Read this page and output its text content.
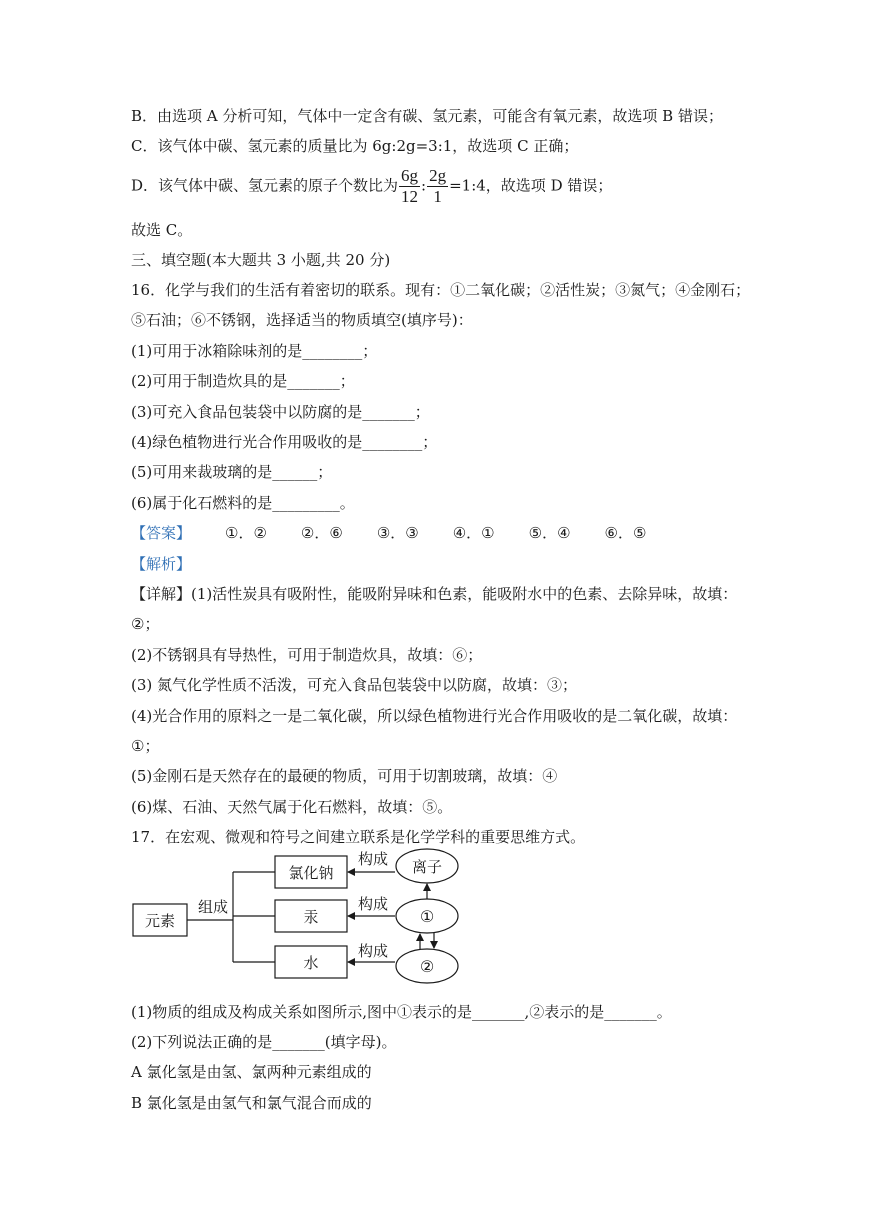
B．由选项 A 分析可知，气体中一定含有碳、氢元素，可能含有氧元素，故选项 B 错误；
C．该气体中碳、氢元素的质量比为 6g:2g=3:1，故选项 C 正确；
D．该气体中碳、氢元素的原子个数比为 $\frac{6g}{12}$ : $\frac{2g}{1}$ =1:4，故选项 D 错误；
故选 C。
三、填空题(本大题共 3 小题,共 20 分)
16．化学与我们的生活有着密切的联系。现有：①二氧化碳；②活性炭；③氮气；④金刚石；
⑤石油；⑥不锈钢，选择适当的物质填空(填序号)：
(1)可用于冰箱除味剂的是________；
(2)可用于制造炊具的是_______；
(3)可充入食品包装袋中以防腐的是_______；
(4)绿色植物进行光合作用吸收的是________；
(5)可用来裁玻璃的是______；
(6)属于化石燃料的是_________。
【答案】 ①．② ②．⑥ ③．③ ④．① ⑤．④ ⑥．⑤
【解析】
【详解】(1)活性炭具有吸附性，能吸附异味和色素，能吸附水中的色素、去除异味，故填：
②；
(2)不锈钢具有导热性，可用于制造炊具，故填：⑥；
(3) 氮气化学性质不活泼，可充入食品包装袋中以防腐，故填：③；
(4)光合作用的原料之一是二氧化碳，所以绿色植物进行光合作用吸收的是二氧化碳，故填：
①；
(5)金刚石是天然存在的最硬的物质，可用于切割玻璃，故填：④
(6)煤、石油、天然气属于化石燃料，故填：⑤。
17．在宏观、微观和符号之间建立联系是化学学科的重要思维方式。
元素
组成
氯化钠
汞
水
构成
构成
构成
离子
①
②
(1)物质的组成及构成关系如图所示,图中①表示的是_______,②表示的是_______。
(2)下列说法正确的是_______(填字母)。
A 氯化氢是由氢、氯两种元素组成的
B 氯化氢是由氢气和氯气混合而成的
